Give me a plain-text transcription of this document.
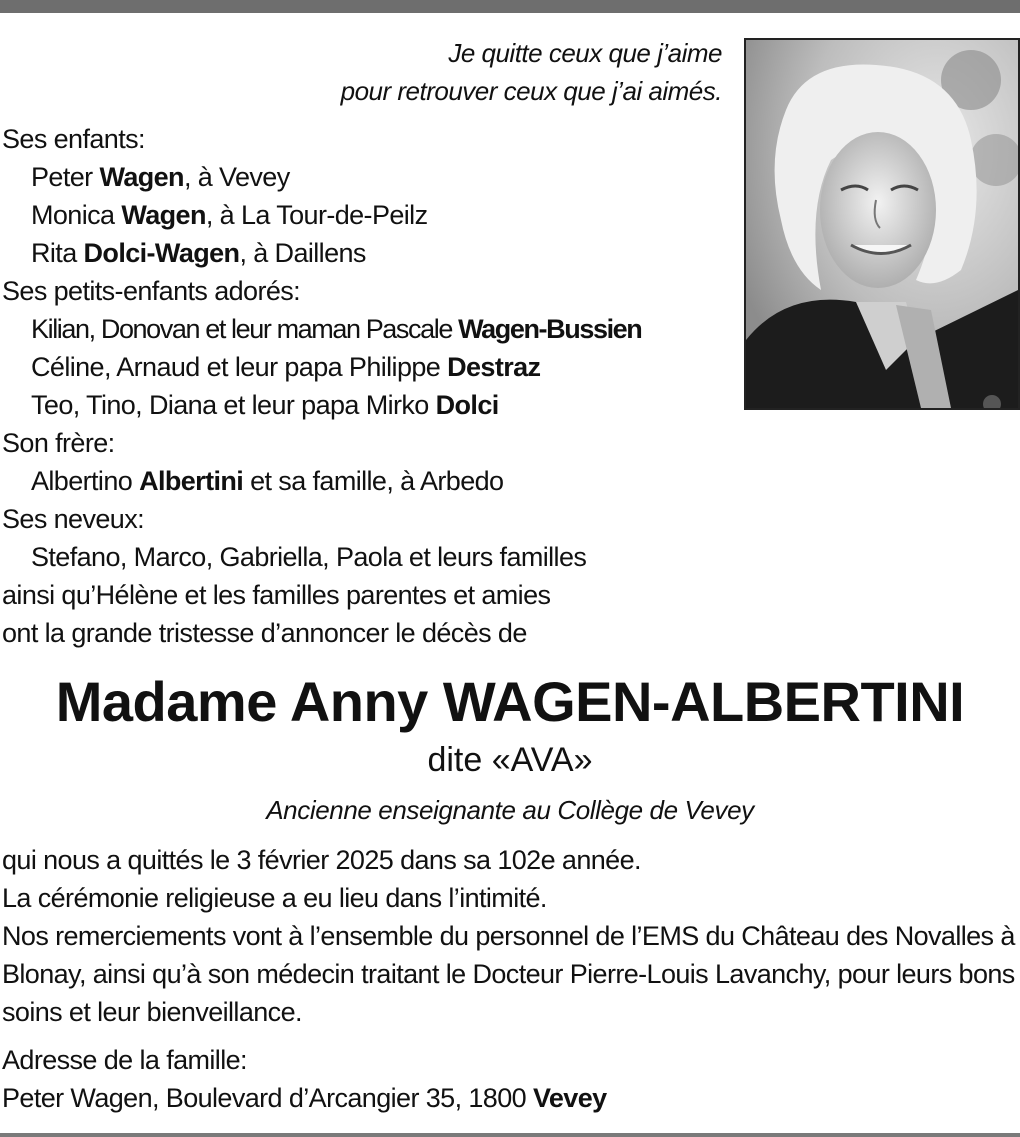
Je quitte ceux que j’aime
pour retrouver ceux que j’ai aimés.
Ses enfants:
Peter Wagen, à Vevey
Monica Wagen, à La Tour-de-Peilz
Rita Dolci-Wagen, à Daillens
Ses petits-enfants adorés:
Kilian, Donovan et leur maman Pascale Wagen-Bussien
Céline, Arnaud et leur papa Philippe Destraz
Teo, Tino, Diana et leur papa Mirko Dolci
Son frère:
Albertino Albertini et sa famille, à Arbedo
Ses neveux:
Stefano, Marco, Gabriella, Paola et leurs familles
ainsi qu’Hélène et les familles parentes et amies
ont la grande tristesse d’annoncer le décès de
Madame Anny WAGEN-ALBERTINI
dite «AVA»
Ancienne enseignante au Collège de Vevey
qui nous a quittés le 3 février 2025 dans sa 102e année.
La cérémonie religieuse a eu lieu dans l’intimité.
Nos remerciements vont à l’ensemble du personnel de l’EMS du Château des Novalles à Blonay, ainsi qu’à son médecin traitant le Docteur Pierre-Louis Lavanchy, pour leurs bons soins et leur bienveillance.
Adresse de la famille:
Peter Wagen, Boulevard d’Arcangier 35, 1800 Vevey
